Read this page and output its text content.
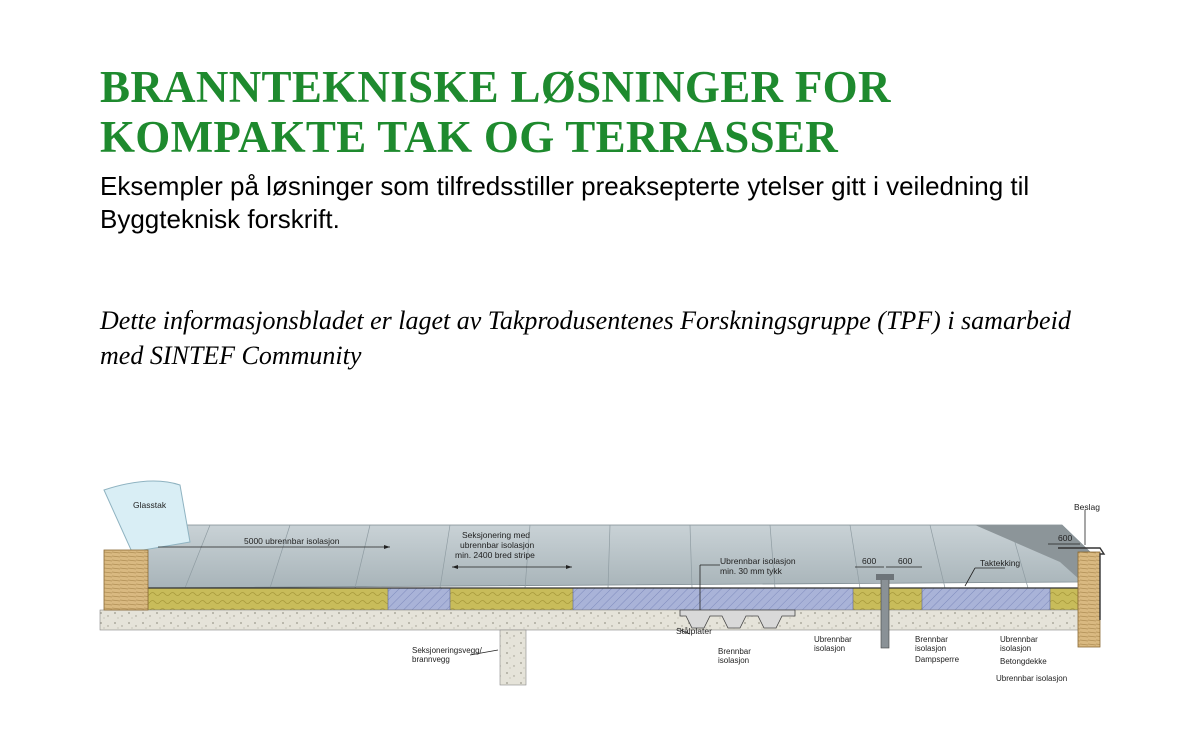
BRANNTEKNISKE LØSNINGER FOR
KOMPAKTE TAK OG TERRASSER

Eksempler på løsninger som tilfredsstiller preaksepterte ytelser gitt i veiledning til Byggteknisk forskrift.

Dette informasjonsbladet er laget av Takprodusentenes Forskningsgruppe (TPF) i samarbeid med SINTEF Community

Glasstak
5000 ubrennbar isolasjon
Seksjonering med
ubrennbar isolasjon
min. 2400 bred stripe
Ubrennbar isolasjon
min. 30 mm tykk
600	600	Taktekking
Beslag
600
Stålplater
Brennbar
isolasjon
Ubrennbar
isolasjon
Brennbar
isolasjon
Dampsperre
Ubrennbar
isolasjon
Betongdekke
Ubrennbar isolasjon
Seksjoneringsvegg/
brannvegg
